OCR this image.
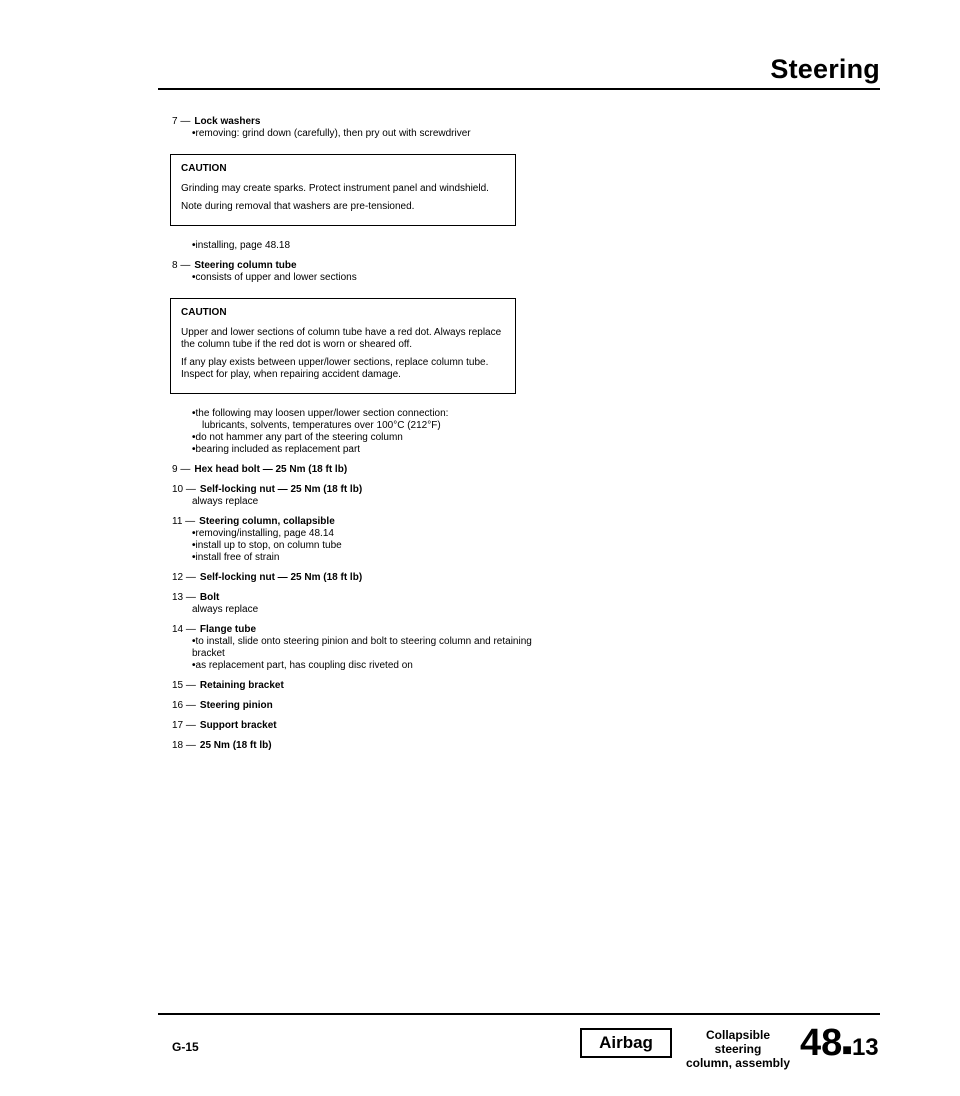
Steering
7 — Lock washers
• removing: grind down (carefully), then pry out with screwdriver
CAUTION

Grinding may create sparks. Protect instrument panel and windshield.

Note during removal that washers are pre-tensioned.

• installing, page 48.18
8 — Steering column tube
• consists of upper and lower sections
CAUTION

Upper and lower sections of column tube have a red dot. Always replace the column tube if the red dot is worn or sheared off.

If any play exists between upper/lower sections, replace column tube. Inspect for play, when repairing accident damage.

• the following may loosen upper/lower section connection:
lubricants, solvents, temperatures over 100°C (212°F)
• do not hammer any part of the steering column
• bearing included as replacement part
9 — Hex head bolt — 25 Nm (18 ft lb)
10 — Self-locking nut — 25 Nm (18 ft lb)
always replace
11 — Steering column, collapsible
• removing/installing, page 48.14
• install up to stop, on column tube
• install free of strain
12 — Self-locking nut — 25 Nm (18 ft lb)
13 — Bolt
always replace
14 — Flange tube
• to install, slide onto steering pinion and bolt to steering column and retaining bracket
• as replacement part, has coupling disc riveted on
15 — Retaining bracket
16 — Steering pinion
17 — Support bracket
18 — 25 Nm (18 ft lb)
G-15	Airbag	Collapsible steering
column, assembly 48■13
